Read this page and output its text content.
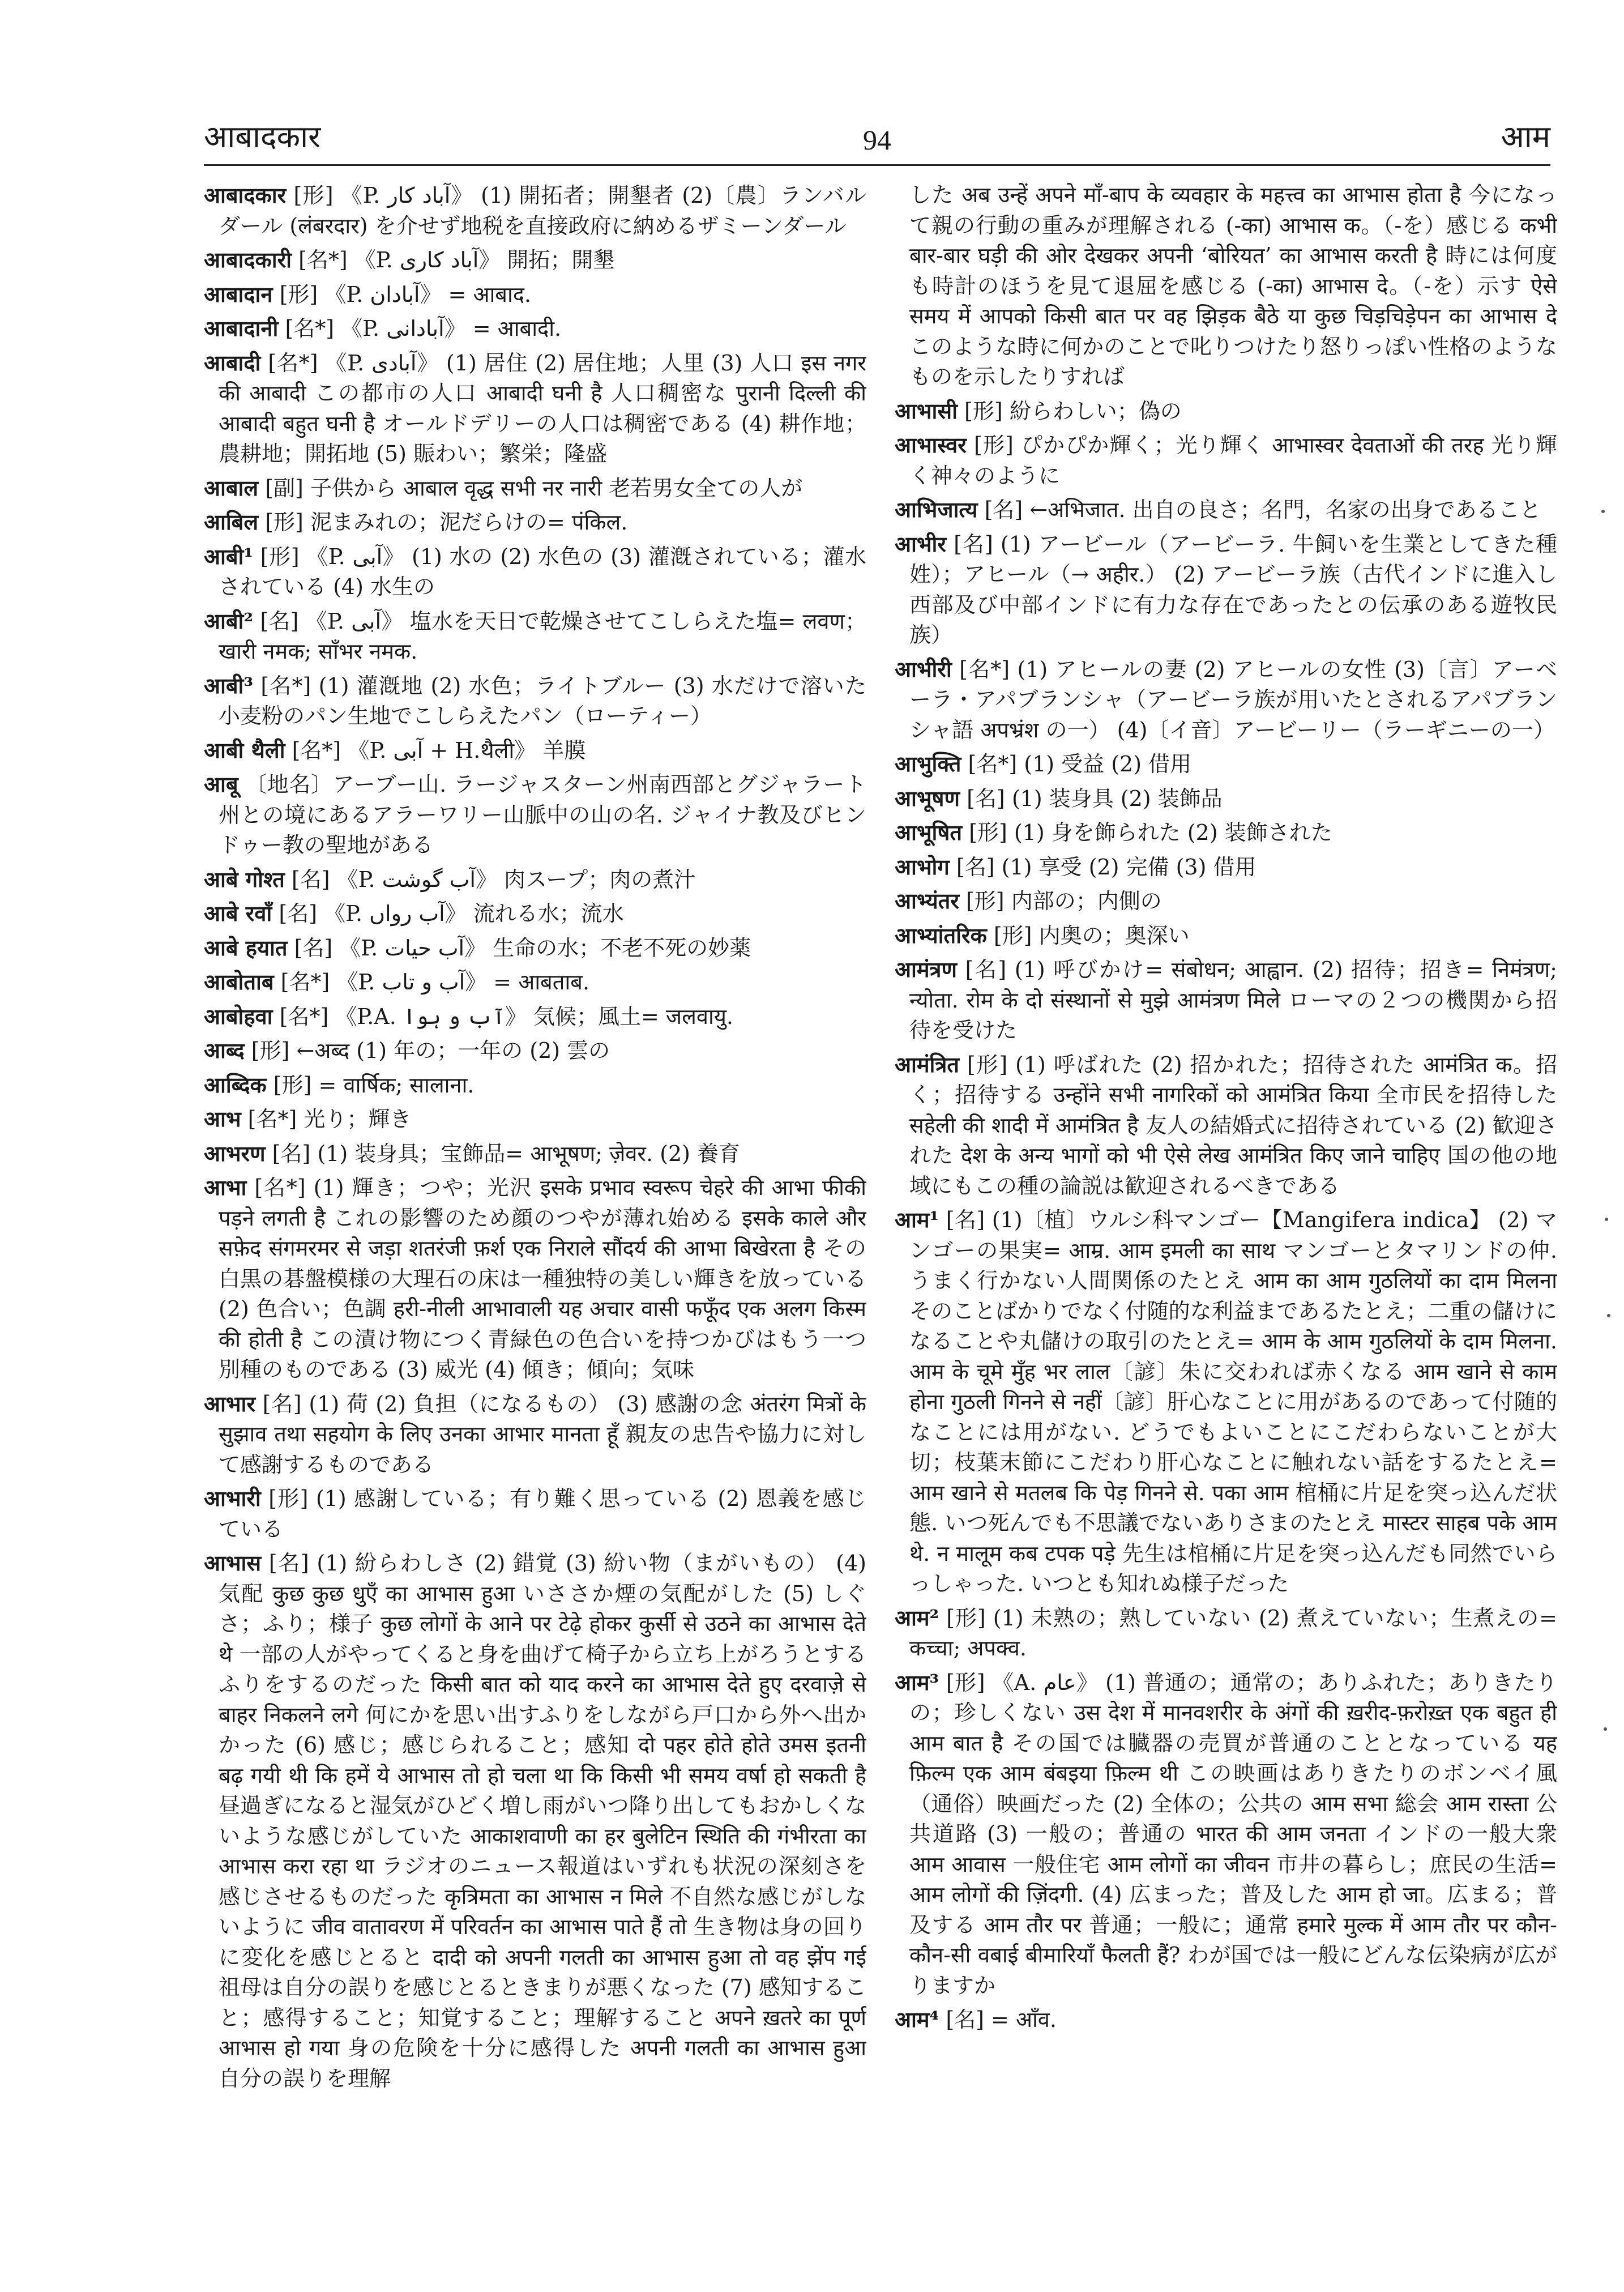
आबादकार	94	आम

आबादकार [形] 《P. آباد کار》 (1) 開拓者；開墾者 (2)〔農〕ランバルダール (लंबरदार) を介せず地税を直接政府に納めるザミーンダール

आबादकारी [名*] 《P. آباد کاری》 開拓；開墾

आबादान [形] 《P. آبادان》 = आबाद.

आबादानी [名*] 《P. آبادانی》 = आबादी.

आबादी [名*] 《P. آبادی》 (1) 居住 (2) 居住地；人里 (3) 人口 इस नगर की आबादी この都市の人口 आबादी घनी है 人口稠密な पुरानी दिल्ली की आबादी बहुत घनी है オールドデリーの人口は稠密である (4) 耕作地；農耕地；開拓地 (5) 賑わい；繁栄；隆盛

आबाल [副] 子供から आबाल वृद्ध सभी नर नारी 老若男女全ての人が

आबिल [形] 泥まみれの；泥だらけの= पंकिल.

आबी¹ [形] 《P. آبی》 (1) 水の (2) 水色の (3) 灌漑されている；灌水されている (4) 水生の

आबी² [名] 《P. آبی》 塩水を天日で乾燥させてこしらえた塩= लवण；खारी नमक; साँभर नमक.

आबी³ [名*] (1) 灌漑地 (2) 水色；ライトブルー (3) 水だけで溶いた小麦粉のパン生地でこしらえたパン（ローティー）

आबी थैली [名*] 《P. آبی + H.थैली》 羊膜

आबू 〔地名〕アーブー山. ラージャスターン州南西部とグジャラート州との境にあるアラーワリー山脈中の山の名. ジャイナ教及びヒンドゥー教の聖地がある

आबे गोश्त [名] 《P. آب گوشت》 肉スープ；肉の煮汁

आबे रवाँ [名] 《P. آب رواں》 流れる水；流水

आबे हयात [名] 《P. آب حیات》 生命の水；不老不死の妙薬

आबोताब [名*] 《P. آب و تاب》 = आबताब.

आबोहवा [名*] 《P.A. آب و ہوا》 気候；風土= जलवायु.

आब्द [形] ←अब्द (1) 年の；一年の (2) 雲の

आब्दिक [形] = वार्षिक; सालाना.

आभ [名*] 光り；輝き

आभरण [名] (1) 装身具；宝飾品= आभूषण; ज़ेवर. (2) 養育

आभा [名*] (1) 輝き；つや；光沢 इसके प्रभाव स्वरूप चेहरे की आभा फीकी पड़ने लगती है これの影響のため顔のつやが薄れ始める इसके काले और सफ़ेद संगमरमर से जड़ा शतरंजी फ़र्श एक निराले सौंदर्य की आभा बिखेरता है その白黒の碁盤模様の大理石の床は一種独特の美しい輝きを放っている (2) 色合い；色調 हरी-नीली आभावाली यह अचार वासी फफूँद एक अलग किस्म की होती है この漬け物につく青緑色の色合いを持つかびはもう一つ別種のものである (3) 威光 (4) 傾き；傾向；気味

आभार [名] (1) 荷 (2) 負担（になるもの） (3) 感謝の念 अंतरंग मित्रों के सुझाव तथा सहयोग के लिए उनका आभार मानता हूँ 親友の忠告や協力に対して感謝するものである

आभारी [形] (1) 感謝している；有り難く思っている (2) 恩義を感じている

आभास [名] (1) 紛らわしさ (2) 錯覚 (3) 紛い物（まがいもの） (4) 気配 कुछ कुछ धुएँ का आभास हुआ いささか煙の気配がした (5) しぐさ；ふり；様子 कुछ लोगों के आने पर टेढ़े होकर कुर्सी से उठने का आभास देते थे 一部の人がやってくると身を曲げて椅子から立ち上がろうとするふりをするのだった किसी बात को याद करने का आभास देते हुए दरवाज़े से बाहर निकलने लगे 何にかを思い出すふりをしながら戸口から外へ出かかった (6) 感じ；感じられること；感知 दो पहर होते होते उमस इतनी बढ़ गयी थी कि हमें ये आभास तो हो चला था कि किसी भी समय वर्षा हो सकती है 昼過ぎになると湿気がひどく増し雨がいつ降り出してもおかしくないような感じがしていた आकाशवाणी का हर बुलेटिन स्थिति की गंभीरता का आभास करा रहा था ラジオのニュース報道はいずれも状況の深刻さを感じさせるものだった कृत्रिमता का आभास न मिले 不自然な感じがしないように जीव वातावरण में परिवर्तन का आभास पाते हैं तो 生き物は身の回りに変化を感じとると दादी को अपनी गलती का आभास हुआ तो वह झेंप गई 祖母は自分の誤りを感じとるときまりが悪くなった (7) 感知すること；感得すること；知覚すること；理解すること अपने ख़तरे का पूर्ण आभास हो गया 身の危険を十分に感得した अपनी गलती का आभास हुआ 自分の誤りを理解

した अब उन्हें अपने माँ-बाप के व्यवहार के महत्त्व का आभास होता है 今になって親の行動の重みが理解される (-का) आभास क。（-を）感じる कभी बार-बार घड़ी की ओर देखकर अपनी ‘बोरियत’ का आभास करती है 時には何度も時計のほうを見て退屈を感じる (-का) आभास दे。（-を）示す ऐसे समय में आपको किसी बात पर वह झिड़क बैठे या कुछ चिड़चिड़ेपन का आभास दे このような時に何かのことで叱りつけたり怒りっぽい性格のようなものを示したりすれば

आभासी [形] 紛らわしい；偽の

आभास्वर [形] ぴかぴか輝く；光り輝く आभास्वर देवताओं की तरह 光り輝く神々のように

आभिजात्य [名] ←अभिजात. 出自の良さ；名門，名家の出身であること

आभीर [名] (1) アービール（アービーラ. 牛飼いを生業としてきた種姓）；アヒール（→ अहीर.） (2) アービーラ族（古代インドに進入し西部及び中部インドに有力な存在であったとの伝承のある遊牧民族）

आभीरी [名*] (1) アヒールの妻 (2) アヒールの女性 (3)〔言〕アーベーラ・アパブランシャ（アービーラ族が用いたとされるアパブランシャ語 अपभ्रंश の一） (4)〔イ音〕アービーリー（ラーギニーの一）

आभुक्ति [名*] (1) 受益 (2) 借用

आभूषण [名] (1) 装身具 (2) 装飾品

आभूषित [形] (1) 身を飾られた (2) 装飾された

आभोग [名] (1) 享受 (2) 完備 (3) 借用

आभ्यंतर [形] 内部の；内側の

आभ्यांतरिक [形] 内奥の；奥深い

आमंत्रण [名] (1) 呼びかけ= संबोधन; आह्वान. (2) 招待；招き= निमंत्रण; न्योता. रोम के दो संस्थानों से मुझे आमंत्रण मिले ローマの２つの機関から招待を受けた

आमंत्रित [形] (1) 呼ばれた (2) 招かれた；招待された आमंत्रित क。招く；招待する उन्होंने सभी नागरिकों को आमंत्रित किया 全市民を招待した सहेली की शादी में आमंत्रित है 友人の結婚式に招待されている (2) 歓迎された देश के अन्य भागों को भी ऐसे लेख आमंत्रित किए जाने चाहिए 国の他の地域にもこの種の論説は歓迎されるべきである

आम¹ [名] (1)〔植〕ウルシ科マンゴー【Mangifera indica】 (2) マンゴーの果実= आम्र. आम इमली का साथ マンゴーとタマリンドの仲. うまく行かない人間関係のたとえ आम का आम गुठलियों का दाम मिलना そのことばかりでなく付随的な利益まであるたとえ；二重の儲けになることや丸儲けの取引のたとえ= आम के आम गुठलियों के दाम मिलना. आम के चूमे मुँह भर लाल〔諺〕朱に交われば赤くなる आम खाने से काम होना गुठली गिनने से नहीं〔諺〕肝心なことに用があるのであって付随的なことには用がない. どうでもよいことにこだわらないことが大切；枝葉末節にこだわり肝心なことに触れない話をするたとえ= आम खाने से मतलब कि पेड़ गिनने से. पका आम 棺桶に片足を突っ込んだ状態. いつ死んでも不思議でないありさまのたとえ मास्टर साहब पके आम थे. न मालूम कब टपक पड़े 先生は棺桶に片足を突っ込んだも同然でいらっしゃった. いつとも知れぬ様子だった

आम² [形] (1) 未熟の；熟していない (2) 煮えていない；生煮えの= कच्चा; अपक्व.

आम³ [形] 《A. عام》 (1) 普通の；通常の；ありふれた；ありきたりの；珍しくない उस देश में मानवशरीर के अंगों की ख़रीद-फ़रोख़्त एक बहुत ही आम बात है その国では臓器の売買が普通のこととなっている यह फ़िल्म एक आम बंबइया फ़िल्म थी この映画はありきたりのボンベイ風（通俗）映画だった (2) 全体の；公共の आम सभा 総会 आम रास्ता 公共道路 (3) 一般の；普通の भारत की आम जनता インドの一般大衆 आम आवास 一般住宅 आम लोगों का जीवन 市井の暮らし；庶民の生活= आम लोगों की ज़िंदगी. (4) 広まった；普及した आम हो जा。広まる；普及する आम तौर पर 普通；一般に；通常 हमारे मुल्क में आम तौर पर कौन-कौन-सी वबाई बीमारियाँ फैलती हैं? わが国では一般にどんな伝染病が広がりますか

आम⁴ [名] = आँव.
